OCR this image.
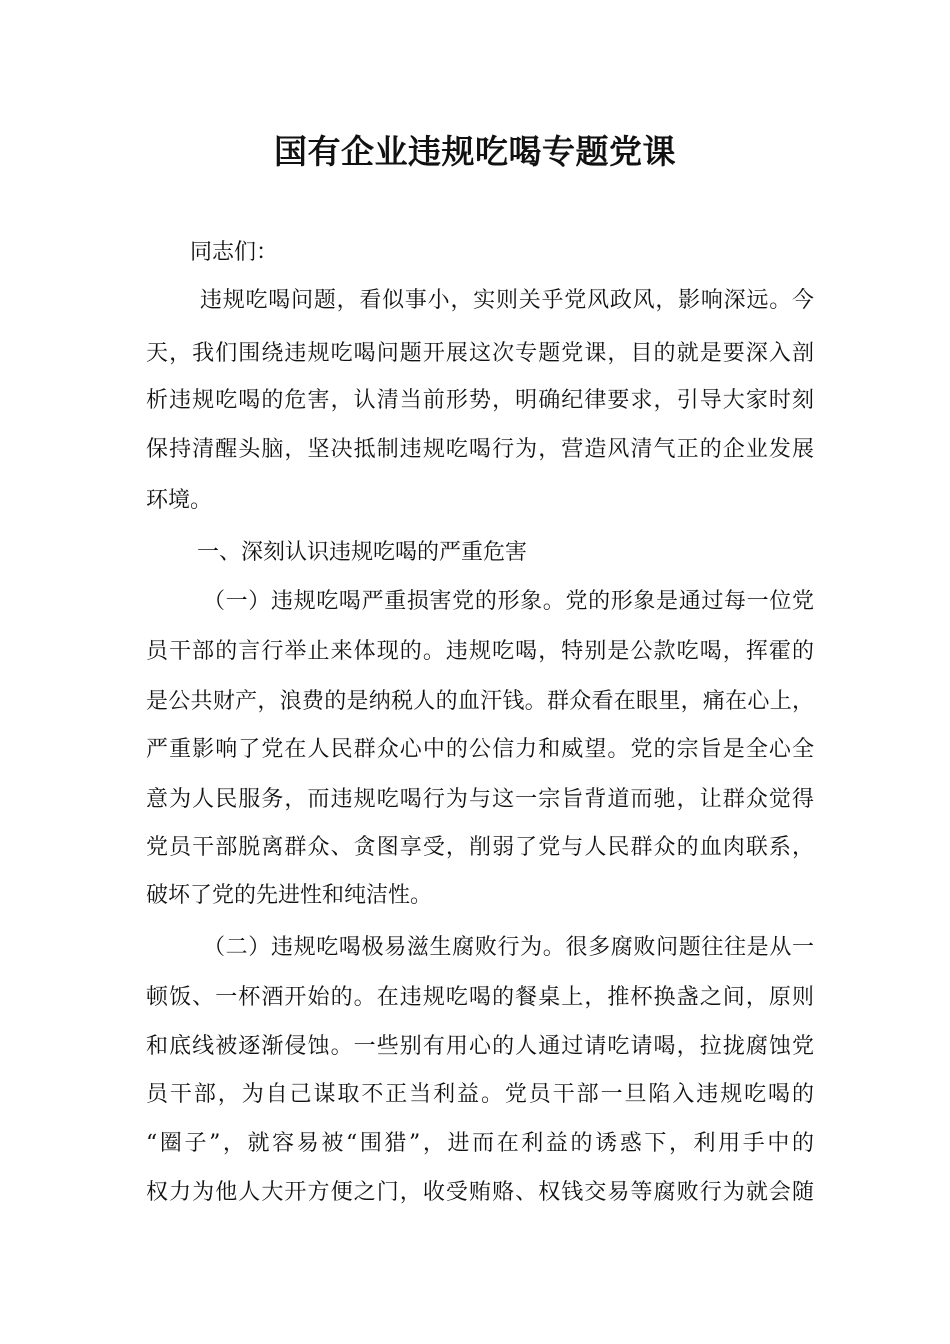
国有企业违规吃喝专题党课

同志们：

违规吃喝问题，看似事小，实则关乎党风政风，影响深远。今

天，我们围绕违规吃喝问题开展这次专题党课，目的就是要深入剖

析违规吃喝的危害，认清当前形势，明确纪律要求，引导大家时刻

保持清醒头脑，坚决抵制违规吃喝行为，营造风清气正的企业发展

环境。

一、深刻认识违规吃喝的严重危害

（一）违规吃喝严重损害党的形象。党的形象是通过每一位党

员干部的言行举止来体现的。违规吃喝，特别是公款吃喝，挥霍的

是公共财产，浪费的是纳税人的血汗钱。群众看在眼里，痛在心上，

严重影响了党在人民群众心中的公信力和威望。党的宗旨是全心全

意为人民服务，而违规吃喝行为与这一宗旨背道而驰，让群众觉得

党员干部脱离群众、贪图享受，削弱了党与人民群众的血肉联系，

破坏了党的先进性和纯洁性。

（二）违规吃喝极易滋生腐败行为。很多腐败问题往往是从一

顿饭、一杯酒开始的。在违规吃喝的餐桌上，推杯换盏之间，原则

和底线被逐渐侵蚀。一些别有用心的人通过请吃请喝，拉拢腐蚀党

员干部，为自己谋取不正当利益。党员干部一旦陷入违规吃喝的

“圈子”，就容易被“围猎”，进而在利益的诱惑下，利用手中的

权力为他人大开方便之门，收受贿赂、权钱交易等腐败行为就会随
